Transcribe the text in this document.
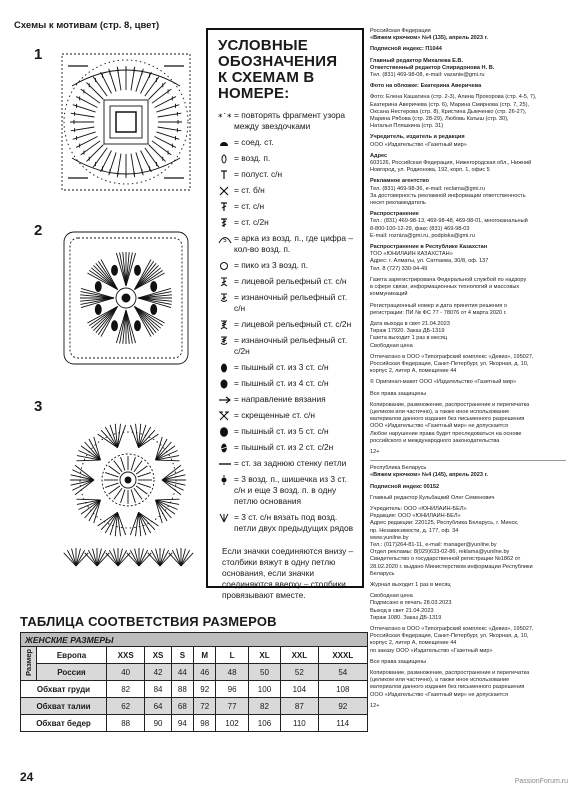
Схемы к мотивам (стр. 8, цвет)
1
2
3
УСЛОВНЫЕ
ОБОЗНАЧЕНИЯ
К СХЕМАМ В НОМЕРЕ:
*˙* = повторять фрагмент узора между звездочками
= соед. ст.
= возд. п.
= полуст. с/н
= ст. б/н
= ст. с/н
= ст. с/2н
5 = арка из возд. п., где цифра – кол-во возд. п.
= пико из 3 возд. п.
= лицевой рельефный ст. с/н
= изнаночный рельефный ст. с/н
= лицевой рельефный ст. с/2н
= изнаночный рельефный ст. с/2н
= пышный ст. из 3 ст. с/н
= пышный ст. из 4 ст. с/н
= направление вязания
= скрещенные ст. с/н
= пышный ст. из 5 ст. с/н
= пышный ст. из 2 ст. с/2н
= ст. за заднюю стенку петли
= 3 возд. п., шишечка из 3 ст. с/н и еще 3 возд. п. в одну петлю основания
= 3 ст. с/н вязать под возд. петли двух предыдущих рядов
Если значки соединяются внизу – столбики вяжут в одну петлю основания, если значки соединяются вверху – столбики провязывают вместе.
Российская Федерация
«Вяжем крючком» №4 (135), апрель 2023 г.
Подписной индекс: П1044
Главный редактор Михалева Е.В.
Ответственный редактор Спиридонова Н. В.
Тел. (831) 469-98-08, e-mail: vazanie@gmi.ru
Фото на обложке: Екатерина Аверичева
Фото: Елена Кашатина (стр. 2-3), Алина Прохорова (стр. 4-5, 7),
Екатерина Аверичева (стр. 6), Марина Смирнова (стр. 7, 25),
Оксана Нестерова (стр. 8), Кристина Дымченко (стр. 26-27),
Марина Рябова (стр. 28-29), Любовь Катыш (стр. 30),
Наталья Пляшкина (стр. 31)
Учредитель, издатель и редакция
ООО «Издательство «Газетный мир»
Адрес
603126, Российская Федерация, Нижегородская обл., Нижний
Новгород, ул. Родионова, 192, корп. 1, офис 5
Рекламное агентство
Тел. (831) 469-98-36, e-mail: reclama@gmi.ru
За достоверность рекламной информации ответственность
несет рекламодатель
Распространение
Тел.: (831) 469-98-13, 469-98-48, 469-98-01, многоканальный
8-800-100-12-29, факс (831) 469-98-03
E-mail: rozniza@gmi.ru, podpiska@gmi.ru
Распространение в Республике Казахстан
ТОО «ЮНИЛАЙН КАЗАХСТАН»
Адрес: г. Алматы, ул. Сатпаева, 30/8, оф. 137
Тел. 8 (727) 330-94-49
Газета зарегистрирована Федеральной службой по надзору
в сфере связи, информационных технологий и массовых
коммуникаций
Регистрационный номер и дата принятия решения о
регистрации: ПИ № ФС 77 - 78076 от 4 марта 2020 г.
Дата выхода в свет 21.04.2023
Тираж 17920. Заказ ДБ-1319
Газета выходит 1 раз в месяц
Свободная цена
Отпечатано в ООО «Типографский комплекс «Девиз», 195027,
Российская Федерация, Санкт-Петербург, ул. Якорная, д. 10,
корпус 2, литер А, помещение 44
© Оригинал-макет ООО «Издательство «Газетный мир»
Все права защищены
Копирование, размножение, распространение и перепечатка
(целиком или частично), а также иное использование
материалов данного издания без письменного разрешения
ООО «Издательство «Газетный мир» не допускается
Любое нарушение права будет преследоваться на основе
российского и международного законодательства
12+
Республика Беларусь
«Вяжем крючком» №4 (145), апрель 2023 г.
Подписной индекс 00152
Главный редактор Кульбацкий Олег Семенович
Учредитель: ООО «ЮНИЛАЙН-БЕЛ»
Редакция: ООО «ЮНИЛАЙН-БЕЛ»
Адрес редакции: 220125, Республика Беларусь, г. Минск,
пр. Независимости, д. 177, оф. 34
www.yunilne.by
Тел.: (017)264-81-11, e-mail: manager@yunilne.by
Отдел рекламы: 8(029)633-02-86, reklama@yunilne.by
Свидетельство о государственной регистрации №1862 от
28.02.2020 г. выдано Министерством информации Республики
Беларусь
Журнал выходит 1 раз в месяц
Свободная цена
Подписано в печать 28.03.2023
Выход в свет 21.04.2023
Тираж 1080. Заказ ДБ-1319
Отпечатано в ООО «Типографский комплекс «Девиз», 195027,
Российская Федерация, Санкт-Петербург, ул. Якорная, д. 10,
корпус 2, литер А, помещение 44
по заказу ООО «Издательство «Газетный мир»
Все права защищены
Копирование, размножение, распространение и перепечатка
(целиком или частично), а также иное использование
материалов данного издания без письменного разрешения
ООО «Издательство «Газетный мир» не допускается
12+
ТАБЛИЦА СООТВЕТСТВИЯ РАЗМЕРОВ
ЖЕНСКИЕ РАЗМЕРЫ									
Размер	Европа	XXS	XS	S	M	L	XL	XXL	XXXL
	Россия	40	42	44	46	48	50	52	54
Обхват груди		82	84	88	92	96	100	104	108
Обхват талии		62	64	68	72	77	82	87	92
Обхват бедер		88	90	94	98	102	106	110	114
24	PassionForum.ru
